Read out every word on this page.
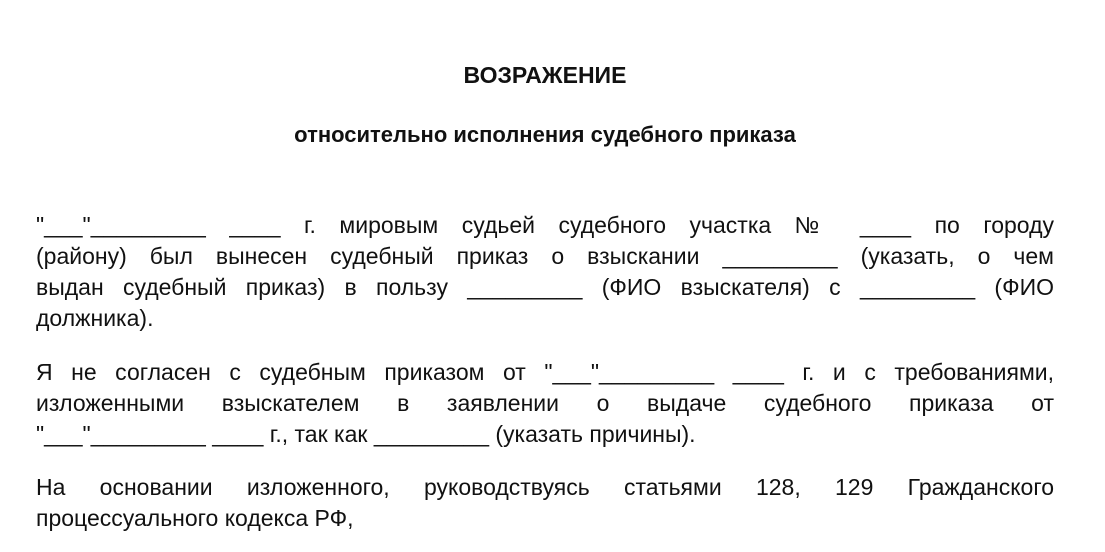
ВОЗРАЖЕНИЕ
относительно исполнения судебного приказа
"___"_________ ____ г. мировым судьей судебного участка № ____ по городу
(району) был вынесен судебный приказ о взыскании _________ (указать, о чем
выдан судебный приказ) в пользу _________ (ФИО взыскателя) с _________ (ФИО
должника).
Я не согласен с судебным приказом от "___"_________ ____ г. и с требованиями,
изложенными взыскателем в заявлении о выдаче судебного приказа от
"___"_________ ____ г., так как _________ (указать причины).
На основании изложенного, руководствуясь статьями 128, 129 Гражданского
процессуального кодекса РФ,
